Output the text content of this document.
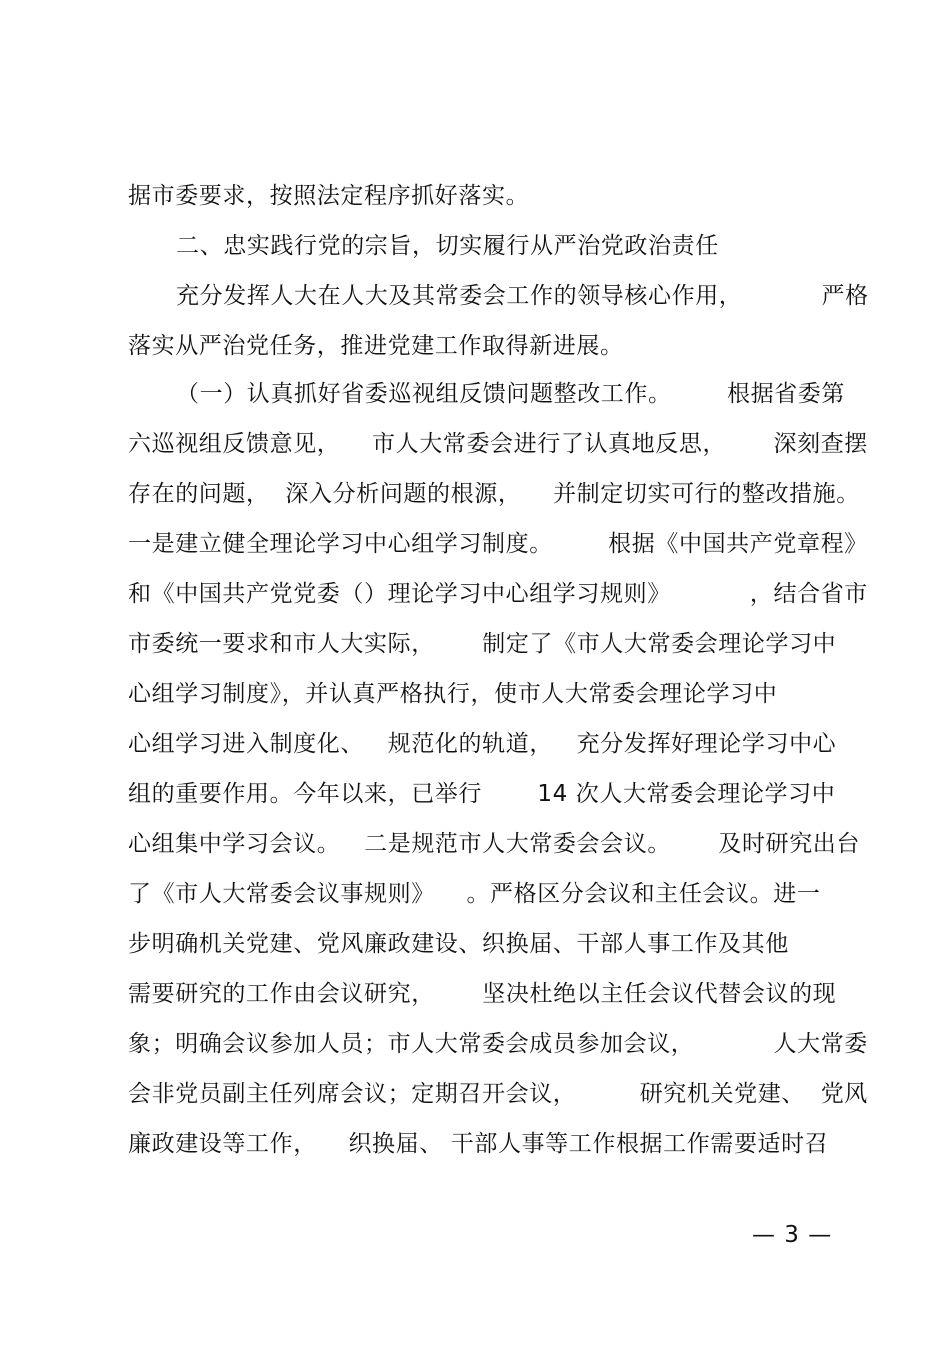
据市委要求，按照法定程序抓好落实。
二、忠实践行党的宗旨，切实履行从严治党政治责任
充分发挥人大在人大及其常委会工作的领导核心作用，          严格
落实从严治党任务，推进党建工作取得新进展。
（一）认真抓好省委巡视组反馈问题整改工作。       根据省委第
六巡视组反馈意见，    市人大常委会进行了认真地反思，      深刻查摆
存在的问题，  深入分析问题的根源，    并制定切实可行的整改措施。
一是建立健全理论学习中心组学习制度。       根据《中国共产党章程》
和《中国共产党党委（）理论学习中心组学习规则》          ，结合省市
市委统一要求和市人大实际，      制定了《市人大常委会理论学习中
心组学习制度》，并认真严格执行，使市人大常委会理论学习中
心组学习进入制度化、   规范化的轨道，   充分发挥好理论学习中心
组的重要作用。今年以来，已举行       14 次人大常委会理论学习中
心组集中学习会议。   二是规范市人大常委会会议。      及时研究出台
了《市人大常委会议事规则》    。严格区分会议和主任会议。进一
步明确机关党建、党风廉政建设、织换届、干部人事工作及其他
需要研究的工作由会议研究，      坚决杜绝以主任会议代替会议的现
象；明确会议参加人员；市人大常委会成员参加会议，          人大常委
会非党员副主任列席会议；定期召开会议，        研究机关党建、  党风
廉政建设等工作，    织换届、 干部人事等工作根据工作需要适时召
— 3 —
